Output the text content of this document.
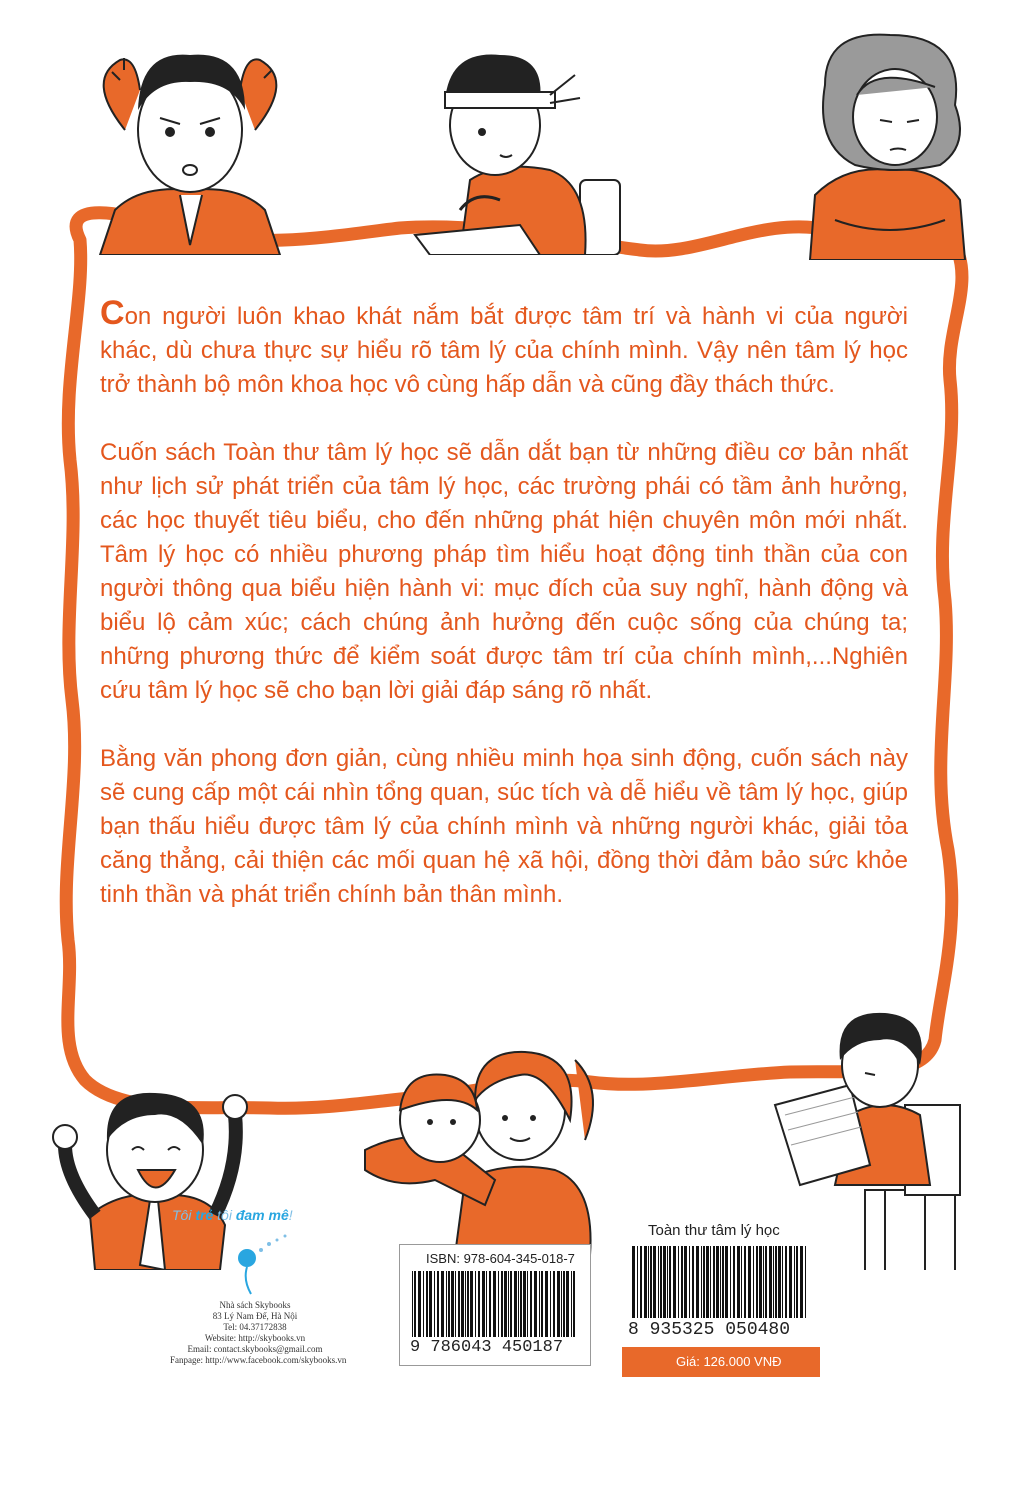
Con người luôn khao khát nắm bắt được tâm trí và hành vi của người khác, dù chưa thực sự hiểu rõ tâm lý của chính mình. Vậy nên tâm lý học trở thành bộ môn khoa học vô cùng hấp dẫn và cũng đầy thách thức.

Cuốn sách Toàn thư tâm lý học sẽ dẫn dắt bạn từ những điều cơ bản nhất như lịch sử phát triển của tâm lý học, các trường phái có tầm ảnh hưởng, các học thuyết tiêu biểu, cho đến những phát hiện chuyên môn mới nhất. Tâm lý học có nhiều phương pháp tìm hiểu hoạt động tinh thần của con người thông qua biểu hiện hành vi: mục đích của suy nghĩ, hành động và biểu lộ cảm xúc; cách chúng ảnh hưởng đến cuộc sống của chúng ta; những phương thức để kiểm soát được tâm trí của chính mình,...Nghiên cứu tâm lý học sẽ cho bạn lời giải đáp sáng rõ nhất.

Bằng văn phong đơn giản, cùng nhiều minh họa sinh động, cuốn sách này sẽ cung cấp một cái nhìn tổng quan, súc tích và dễ hiểu về tâm lý học, giúp bạn thấu hiểu được tâm lý của chính mình và những người khác, giải tỏa căng thẳng, cải thiện các mối quan hệ xã hội, đồng thời đảm bảo sức khỏe tinh thần và phát triển chính bản thân mình.

Tôi trẻ tôi đam mê!
Nhà sách Skybooks
83 Lý Nam Đế, Hà Nội
Tel: 04.37172838
Website: http://skybooks.vn
Email: contact.skybooks@gmail.com
Fanpage: http://www.facebook.com/skybooks.vn
ISBN: 978-604-345-018-7
9 786043 450187
Toàn thư tâm lý học
8 935325 050480
Giá: 126.000 VNĐ
